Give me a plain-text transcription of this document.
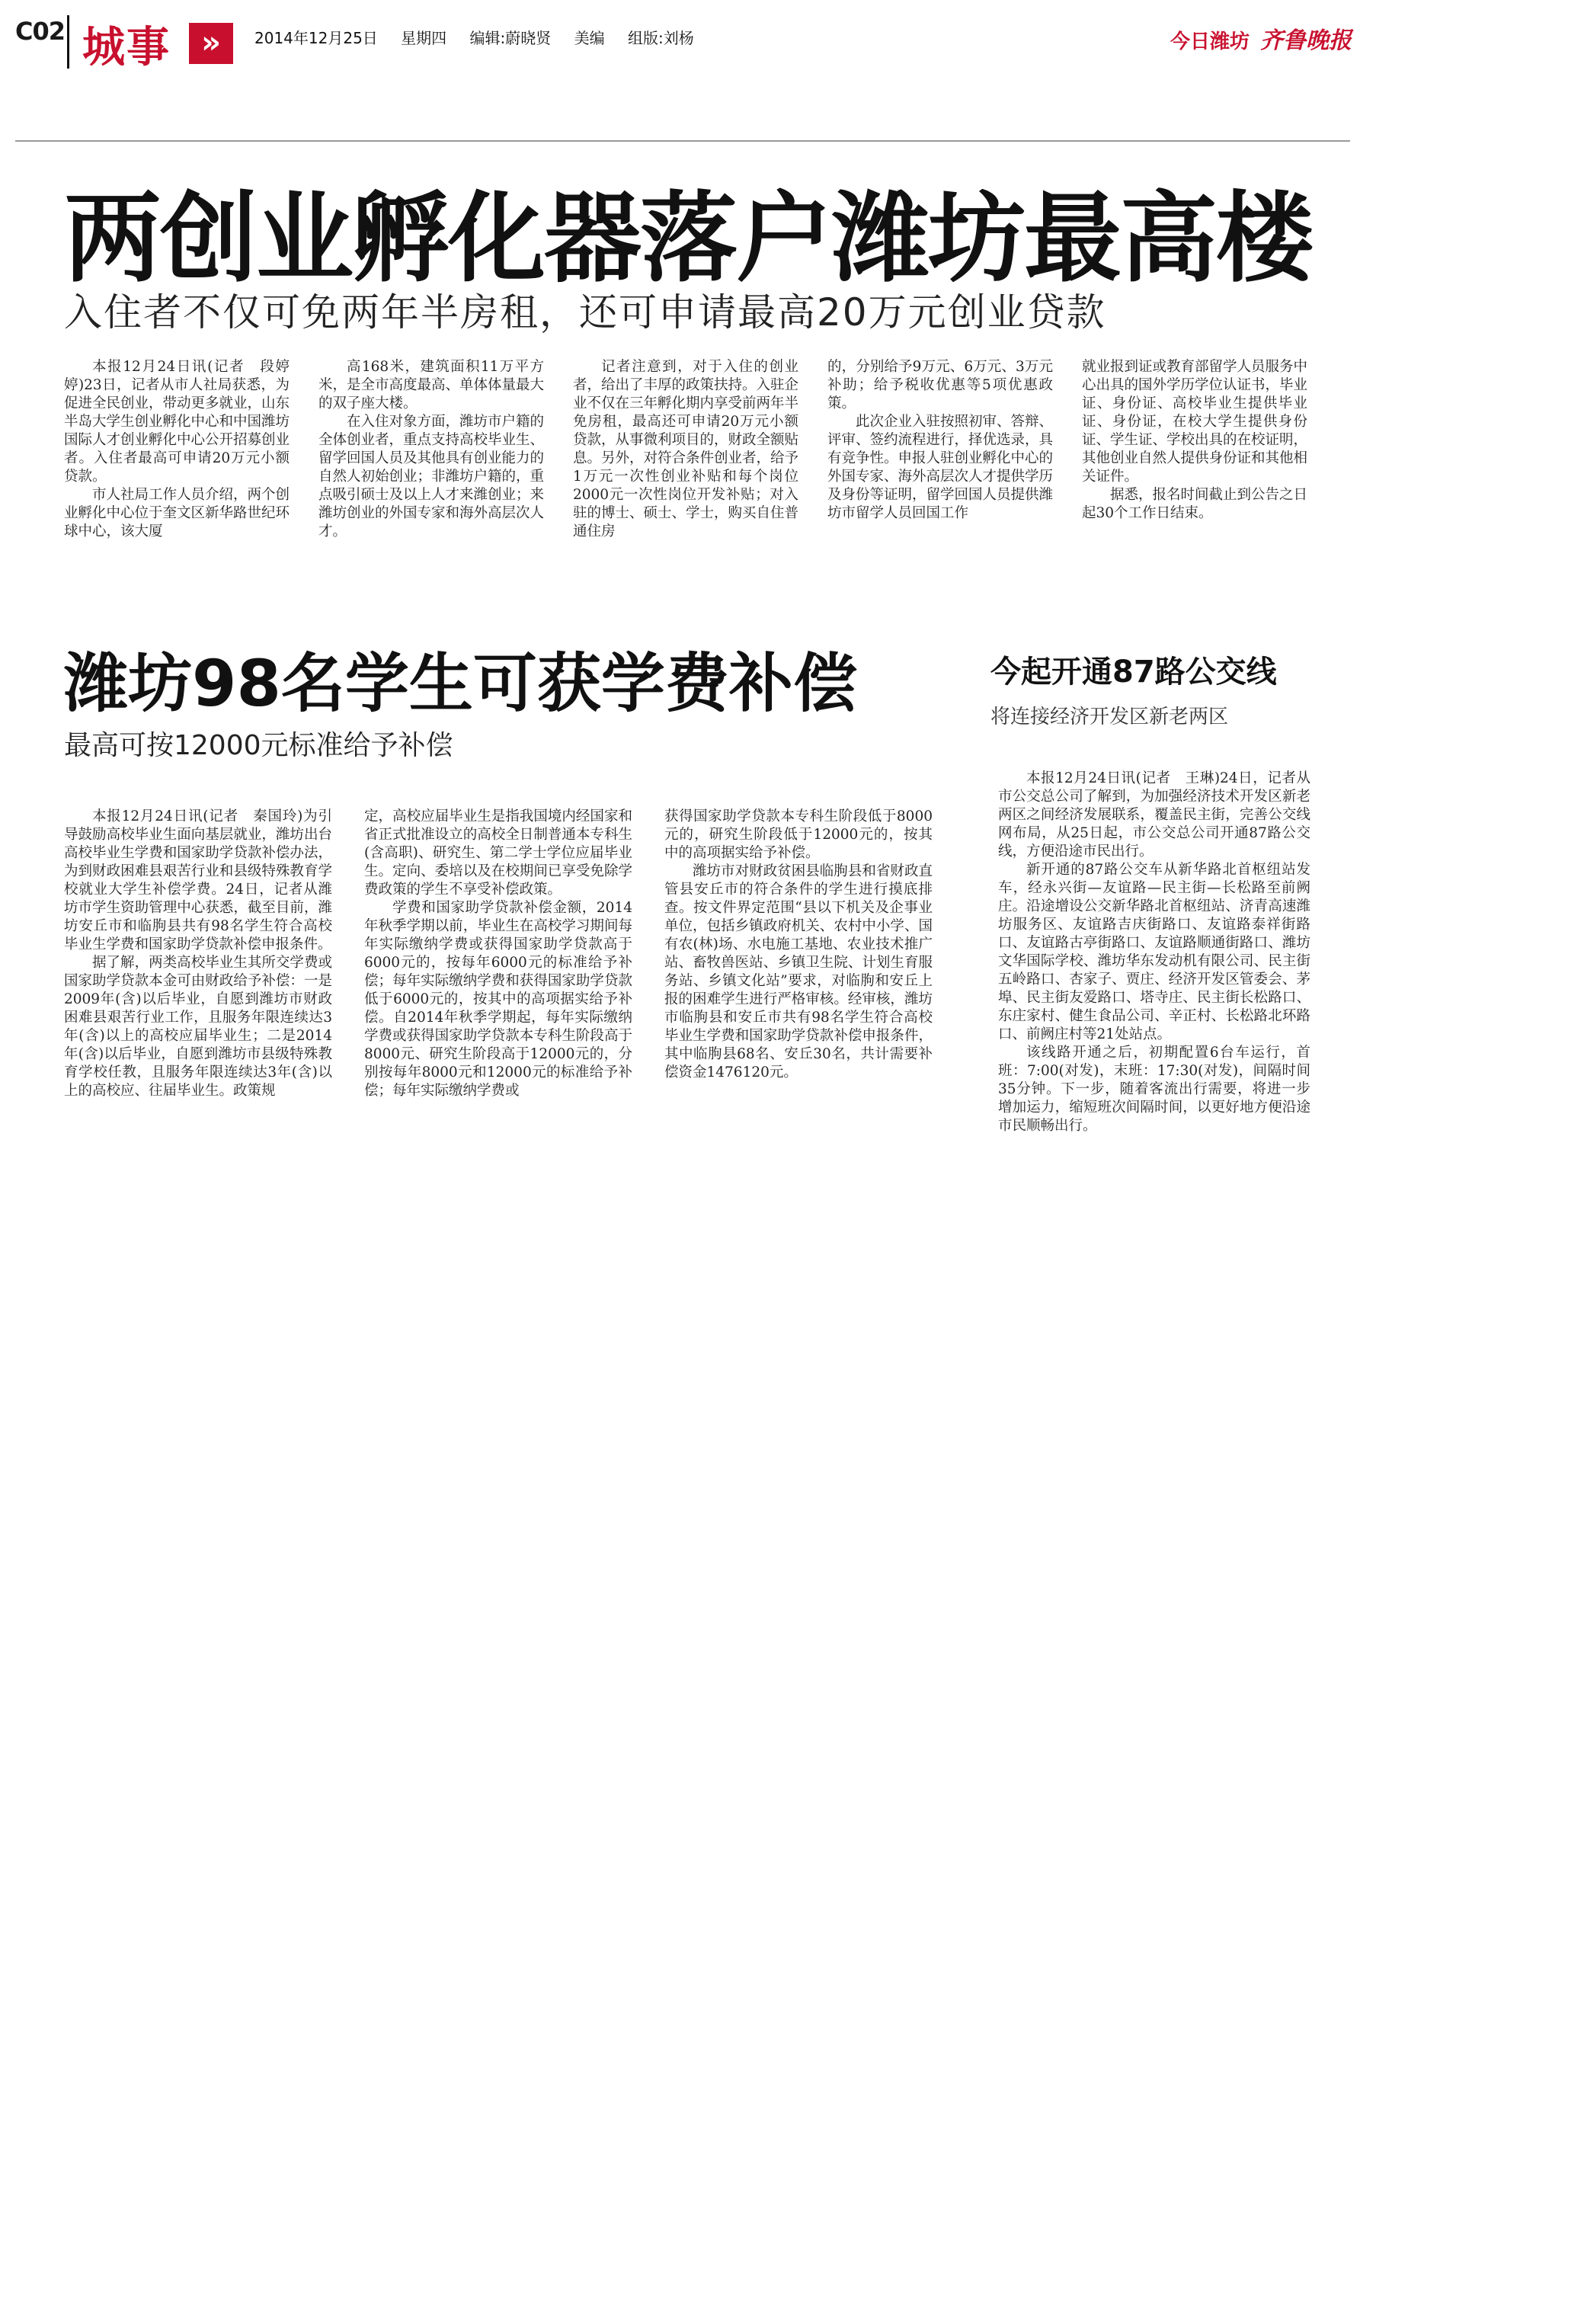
C02 城事	»	2014年12月25日 星期四 编辑:蔚晓贤 美编 组版:刘杨	今日潍坊 齐鲁晚报
两创业孵化器落户潍坊最高楼
入住者不仅可免两年半房租，还可申请最高20万元创业贷款

本报12月24日讯(记者　段婷婷)23日，记者从市人社局获悉，为促进全民创业，带动更多就业，山东半岛大学生创业孵化中心和中国潍坊国际人才创业孵化中心公开招募创业者。入住者最高可申请20万元小额贷款。

市人社局工作人员介绍，两个创业孵化中心位于奎文区新华路世纪环球中心，该大厦

高168米，建筑面积11万平方米，是全市高度最高、单体体量最大的双子座大楼。

在入住对象方面，潍坊市户籍的全体创业者，重点支持高校毕业生、留学回国人员及其他具有创业能力的自然人初始创业；非潍坊户籍的，重点吸引硕士及以上人才来潍创业；来潍坊创业的外国专家和海外高层次人才。

记者注意到，对于入住的创业者，给出了丰厚的政策扶持。入驻企业不仅在三年孵化期内享受前两年半免房租，最高还可申请20万元小额贷款，从事微利项目的，财政全额贴息。另外，对符合条件创业者，给予1万元一次性创业补贴和每个岗位2000元一次性岗位开发补贴；对入驻的博士、硕士、学士，购买自住普通住房

的，分别给予9万元、6万元、3万元补助；给予税收优惠等5项优惠政策。

此次企业入驻按照初审、答辩、评审、签约流程进行，择优选录，具有竞争性。申报人驻创业孵化中心的外国专家、海外高层次人才提供学历及身份等证明，留学回国人员提供潍坊市留学人员回国工作

就业报到证或教育部留学人员服务中心出具的国外学历学位认证书，毕业证、身份证、高校毕业生提供毕业证、身份证，在校大学生提供身份证、学生证、学校出具的在校证明，其他创业自然人提供身份证和其他相关证件。

据悉，报名时间截止到公告之日起30个工作日结束。

潍坊98名学生可获学费补偿
最高可按12000元标准给予补偿

本报12月24日讯(记者　秦国玲)为引导鼓励高校毕业生面向基层就业，潍坊出台高校毕业生学费和国家助学贷款补偿办法，为到财政困难县艰苦行业和县级特殊教育学校就业大学生补偿学费。24日，记者从潍坊市学生资助管理中心获悉，截至目前，潍坊安丘市和临朐县共有98名学生符合高校毕业生学费和国家助学贷款补偿申报条件。

据了解，两类高校毕业生其所交学费或国家助学贷款本金可由财政给予补偿：一是2009年(含)以后毕业，自愿到潍坊市财政困难县艰苦行业工作，且服务年限连续达3年(含)以上的高校应届毕业生；二是2014年(含)以后毕业，自愿到潍坊市县级特殊教育学校任教，且服务年限连续达3年(含)以上的高校应、往届毕业生。政策规

定，高校应届毕业生是指我国境内经国家和省正式批准设立的高校全日制普通本专科生(含高职)、研究生、第二学士学位应届毕业生。定向、委培以及在校期间已享受免除学费政策的学生不享受补偿政策。

学费和国家助学贷款补偿金额，2014年秋季学期以前，毕业生在高校学习期间每年实际缴纳学费或获得国家助学贷款高于6000元的，按每年6000元的标准给予补偿；每年实际缴纳学费和获得国家助学贷款低于6000元的，按其中的高项据实给予补偿。自2014年秋季学期起，每年实际缴纳学费或获得国家助学贷款本专科生阶段高于8000元、研究生阶段高于12000元的，分别按每年8000元和12000元的标准给予补偿；每年实际缴纳学费或

获得国家助学贷款本专科生阶段低于8000元的，研究生阶段低于12000元的，按其中的高项据实给予补偿。

潍坊市对财政贫困县临朐县和省财政直管县安丘市的符合条件的学生进行摸底排查。按文件界定范围“县以下机关及企事业单位，包括乡镇政府机关、农村中小学、国有农(林)场、水电施工基地、农业技术推广站、畜牧兽医站、乡镇卫生院、计划生育服务站、乡镇文化站”要求，对临朐和安丘上报的困难学生进行严格审核。经审核，潍坊市临朐县和安丘市共有98名学生符合高校毕业生学费和国家助学贷款补偿申报条件，其中临朐县68名、安丘30名，共计需要补偿资金1476120元。

今起开通87路公交线
将连接经济开发区新老两区

本报12月24日讯(记者　王琳)24日，记者从市公交总公司了解到，为加强经济技术开发区新老两区之间经济发展联系，覆盖民主街，完善公交线网布局，从25日起，市公交总公司开通87路公交线，方便沿途市民出行。

新开通的87路公交车从新华路北首枢纽站发车，经永兴街—友谊路—民主街—长松路至前阙庄。沿途增设公交新华路北首枢纽站、济青高速潍坊服务区、友谊路吉庆街路口、友谊路泰祥街路口、友谊路古亭街路口、友谊路顺通街路口、潍坊文华国际学校、潍坊华东发动机有限公司、民主街五岭路口、杏家子、贾庄、经济开发区管委会、茅埠、民主街友爱路口、塔寺庄、民主街长松路口、东庄家村、健生食品公司、辛正村、长松路北环路口、前阙庄村等21处站点。

该线路开通之后，初期配置6台车运行，首班：7:00(对发)，末班：17:30(对发)，间隔时间35分钟。下一步，随着客流出行需要，将进一步增加运力，缩短班次间隔时间，以更好地方便沿途市民顺畅出行。
